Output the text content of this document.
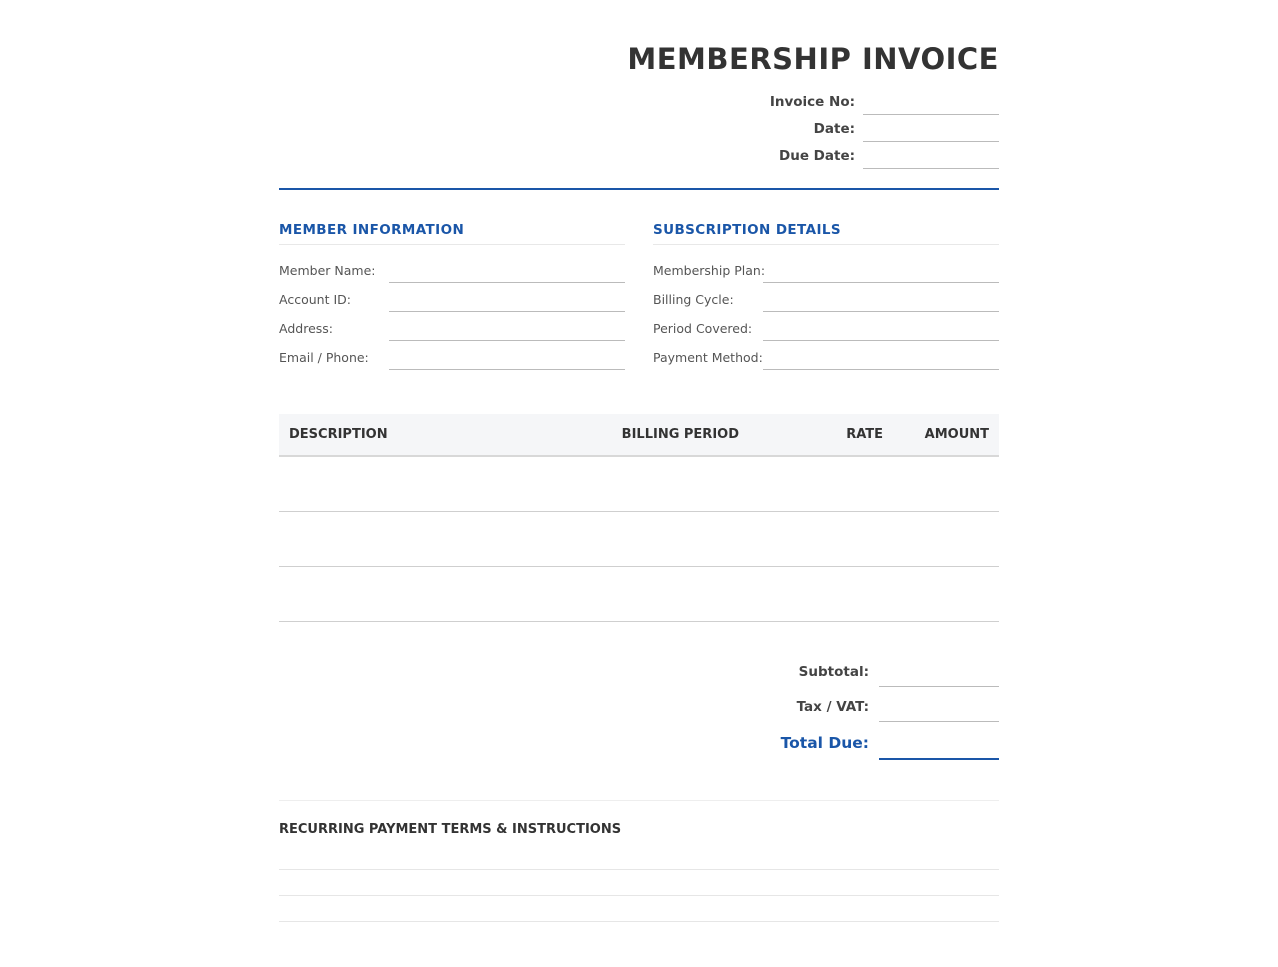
MEMBERSHIP INVOICE
Invoice No:
Date:
Due Date:
MEMBER INFORMATION
Member Name:
Account ID:
Address:
Email / Phone:
SUBSCRIPTION DETAILS
Membership Plan:
Billing Cycle:
Period Covered:
Payment Method:
DESCRIPTION	BILLING PERIOD	RATE	AMOUNT

Subtotal:
Tax / VAT:
Total Due:
RECURRING PAYMENT TERMS & INSTRUCTIONS
